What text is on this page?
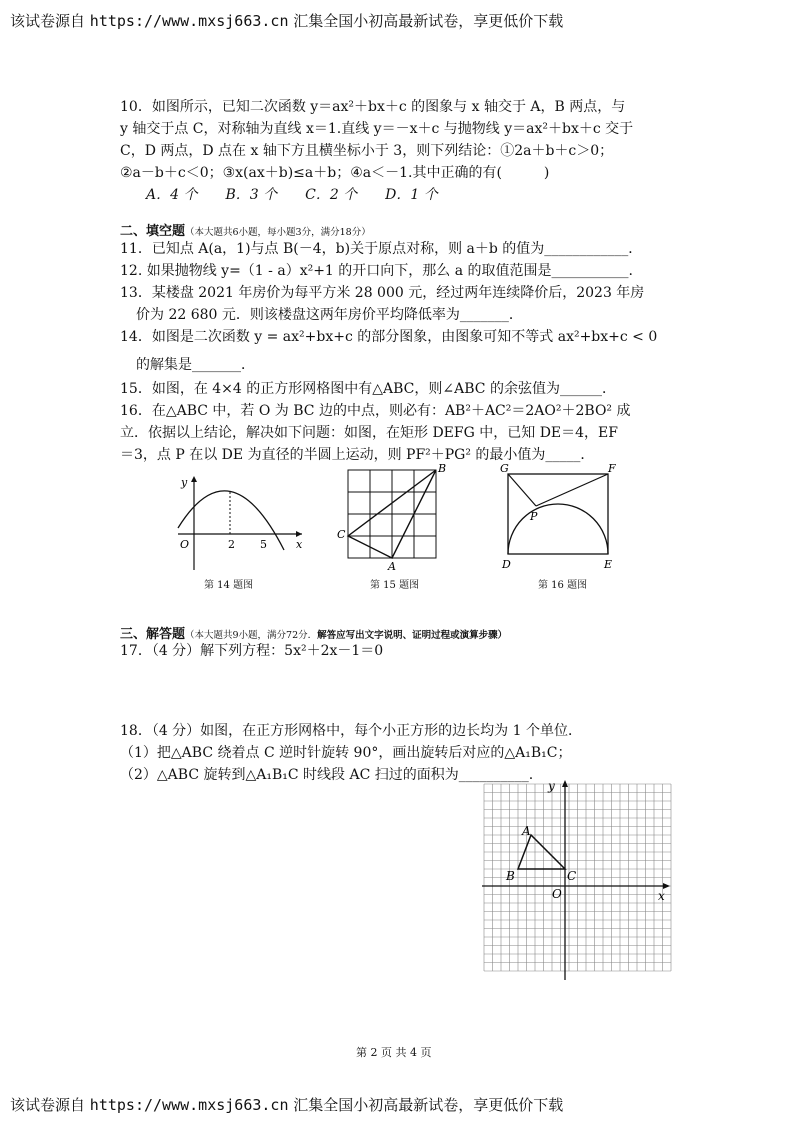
该试卷源自 https://www.mxsj663.cn 汇集全国小初高最新试卷，享更低价下载
10．如图所示，已知二次函数 y＝ax²＋bx＋c 的图象与 x 轴交于 A，B 两点，与
y 轴交于点 C，对称轴为直线 x＝1.直线 y＝－x＋c 与抛物线 y＝ax²＋bx＋c 交于
C，D 两点，D 点在 x 轴下方且横坐标小于 3，则下列结论：①2a＋b＋c＞0；
②a－b＋c＜0；③x(ax＋b)≤a＋b；④a＜－1.其中正确的有(　　　)
A．4 个　　B．3 个　　C．2 个　　D．1 个
二、填空题（本大题共6小题，每小题3分，满分18分）
11．已知点 A(a，1)与点 B(－4，b)关于原点对称，则 a＋b 的值为____________．
12. 如果抛物线 y=（1 - a）x²+1 的开口向下，那么 a 的取值范围是___________.
13．某楼盘 2021 年房价为每平方米 28 000 元，经过两年连续降价后，2023 年房
价为 22 680 元．则该楼盘这两年房价平均降低率为_______．
14．如图是二次函数 y = ax²+bx+c 的部分图象，由图象可知不等式 ax²+bx+c < 0
的解集是_______．
15．如图，在 4×4 的正方形网格图中有△ABC，则∠ABC 的余弦值为______．
16．在△ABC 中，若 O 为 BC 边的中点，则必有：AB²＋AC²＝2AO²＋2BO² 成
立．依据以上结论，解决如下问题：如图，在矩形 DEFG 中，已知 DE＝4，EF
＝3，点 P 在以 DE 为直径的半圆上运动，则 PF²＋PG² 的最小值为_____．
y
x
O	2 5
第 14 题图
C
A
B
第 15 题图
G	F
P
D	E
第 16 题图
三、解答题（本大题共9小题，满分72分．解答应写出文字说明、证明过程或演算步骤）
17．（4 分）解下列方程：5x²＋2x－1＝0
18．（4 分）如图，在正方形网格中，每个小正方形的边长均为 1 个单位．
（1）把△ABC 绕着点 C 逆时针旋转 90°，画出旋转后对应的△A₁B₁C；
（2）△ABC 旋转到△A₁B₁C 时线段 AC 扫过的面积为__________.
y
x
O
A
B	C
第 2 页 共 4 页
该试卷源自 https://www.mxsj663.cn 汇集全国小初高最新试卷，享更低价下载
